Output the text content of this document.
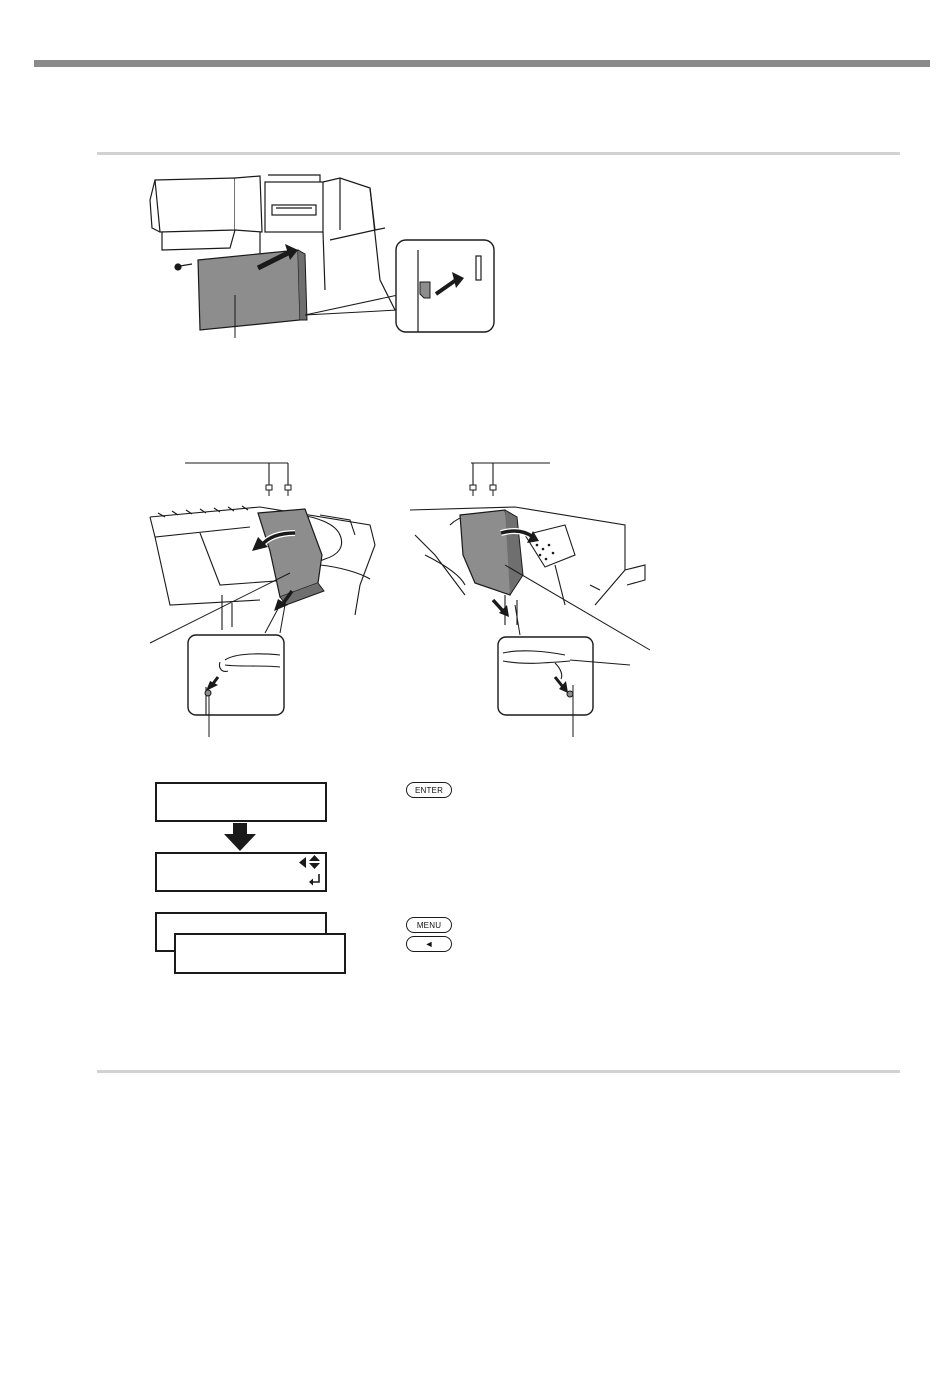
ENTER
MENU
◄
